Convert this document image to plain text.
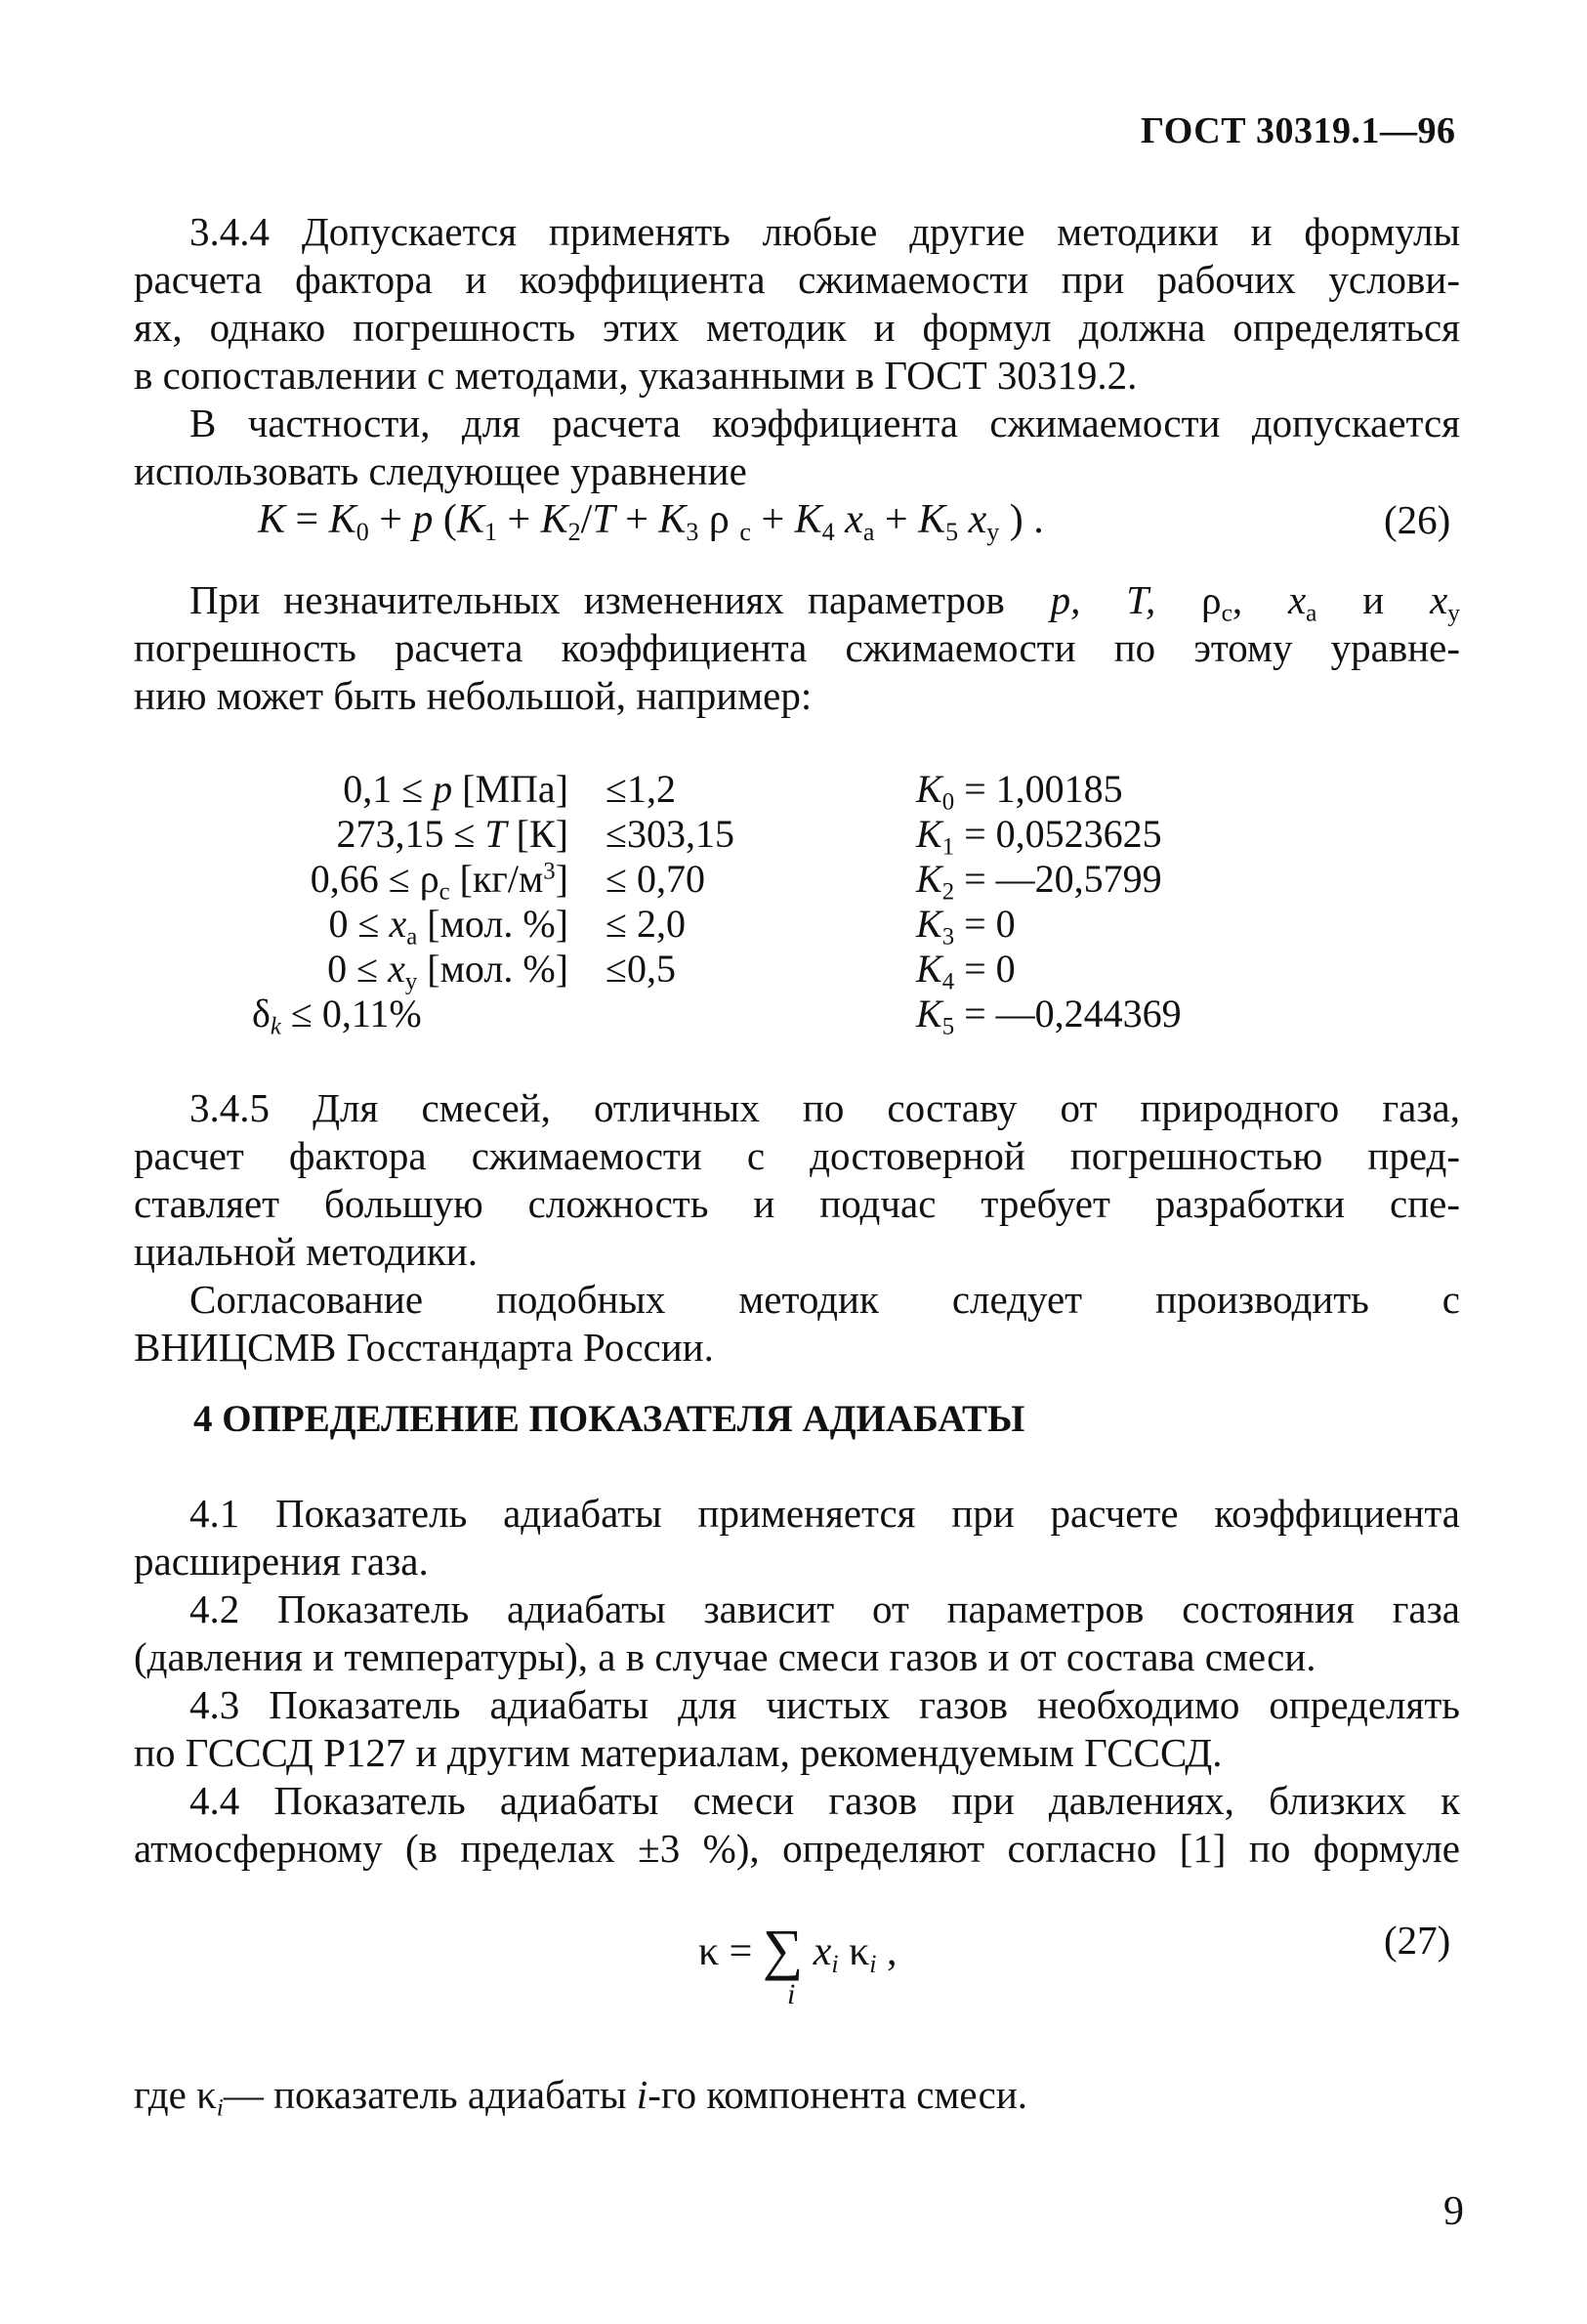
ГОСТ 30319.1—96
3.4.4 Допускается применять любые другие методики и формулы
расчета фактора и коэффициента сжимаемости при рабочих услови-
ях, однако погрешность этих методик и формул должна определяться
в сопоставлении с методами, указанными в ГОСТ 30319.2.
В частности, для расчета коэффициента сжимаемости допускается
использовать следующее уравнение
$K = K_0 + p$ ($K_1 + K_2/T + K_3$ ρ $_c + K_4$ $x_a + K_5$ $x_y$ ) .	(26)
При незначительных изменениях параметров p, T, $\rho_c$, $x_a$ и $x_y$
погрешность расчета коэффициента сжимаемости по этому уравне-
нию может быть небольшой, например:
0,1 ≤ p [МПа]
273,15 ≤ T [К]
$0,66 \le \rho_c$ $[кг/м^3]$
$0 \le x_a$ [мол. %]
$0 \le x_y$ [мол. %]
$\delta_k \le 0,11\%$
≤1,2
≤303,15
≤ 0,70
≤ 2,0
≤0,5
$K_0 = 1,00185$
$K_1 = 0,0523625$
$K_2$ = —20,5799
$K_3 = 0$
$K_4 = 0$
$K_5$ = —0,244369
3.4.5 Для смесей, отличных по составу от природного газа,
расчет фактора сжимаемости с достоверной погрешностью пред-
ставляет большую сложность и подчас требует разработки спе-
циальной методики.
Согласование подобных методик следует производить с
ВНИЦСМВ Госстандарта России.
4 ОПРЕДЕЛЕНИЕ ПОКАЗАТЕЛЯ АДИАБАТЫ
4.1 Показатель адиабаты применяется при расчете коэффициента
расширения газа.
4.2 Показатель адиабаты зависит от параметров состояния газа
(давления и температуры), а в случае смеси газов и от состава смеси.
4.3 Показатель адиабаты для чистых газов необходимо определять
по ГСССД Р127 и другим материалам, рекомендуемым ГСССД.
4.4 Показатель адиабаты смеси газов при давлениях, близких к
атмосферному (в пределах ±3 %), определяют согласно [1] по формуле
κ = ∑ $x_i$ $\kappa_i$ ,
i
(27)
где $\kappa_i—$ показатель адиабаты i-го компонента смеси.
9
